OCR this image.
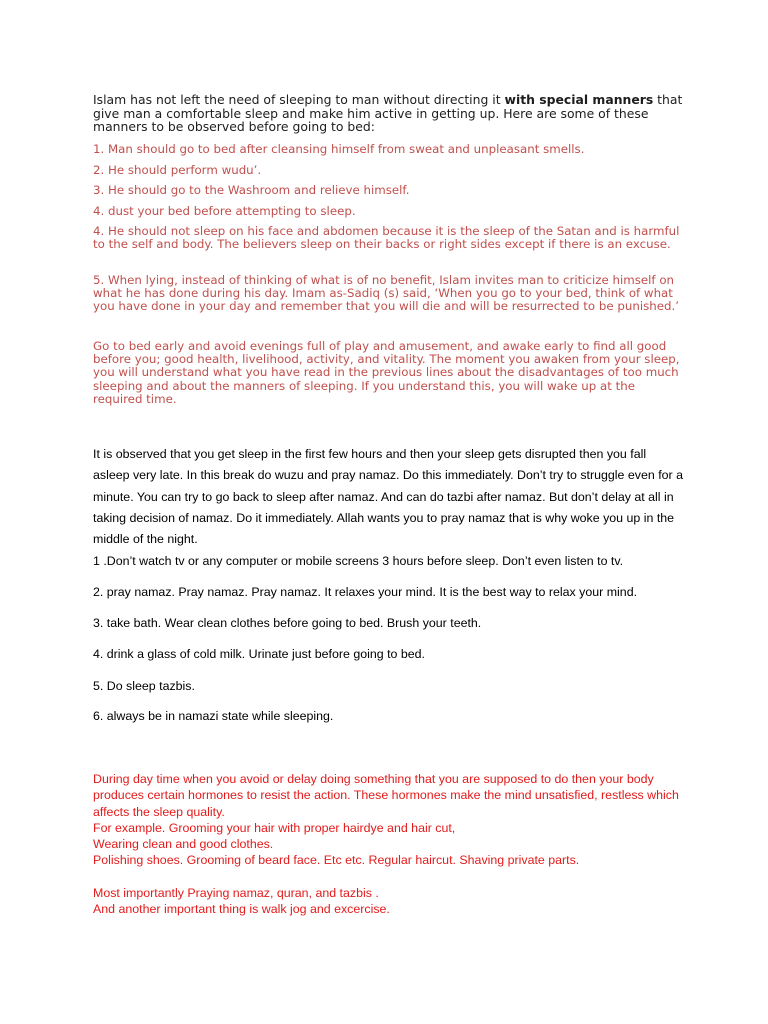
Islam has not left the need of sleeping to man without directing it with special manners that give man a comfortable sleep and make him active in getting up. Here are some of these manners to be observed before going to bed:

1. Man should go to bed after cleansing himself from sweat and unpleasant smells.

2. He should perform wudu’.

3. He should go to the Washroom and relieve himself.

4. dust your bed before attempting to sleep.

4. He should not sleep on his face and abdomen because it is the sleep of the Satan and is harmful to the self and body. The believers sleep on their backs or right sides except if there is an excuse.

5. When lying, instead of thinking of what is of no benefit, Islam invites man to criticize himself on what he has done during his day. Imam as-Sadiq (s) said, ‘When you go to your bed, think of what you have done in your day and remember that you will die and will be resurrected to be punished.’

Go to bed early and avoid evenings full of play and amusement, and awake early to find all good before you; good health, livelihood, activity, and vitality. The moment you awaken from your sleep, you will understand what you have read in the previous lines about the disadvantages of too much sleeping and about the manners of sleeping. If you understand this, you will wake up at the required time.

It is observed that you get sleep in the first few hours and then your sleep gets disrupted then you fall asleep very late. In this break do wuzu and pray namaz. Do this immediately. Don’t try to struggle even for a minute. You can try to go back to sleep after namaz. And can do tazbi after namaz. But don’t delay at all in taking decision of namaz. Do it immediately. Allah wants you to pray namaz that is why woke you up in the middle of the night.

1 .Don’t watch tv or any computer or mobile screens 3 hours before sleep. Don’t even listen to tv.

2. pray namaz. Pray namaz. Pray namaz. It relaxes your mind. It is the best way to relax your mind.

3. take bath. Wear clean clothes before going to bed. Brush your teeth.

4. drink a glass of cold milk. Urinate just before going to bed.

5. Do sleep tazbis.

6. always be in namazi state while sleeping.

During day time when you avoid or delay doing something that you are supposed to do then your body produces certain hormones to resist the action. These hormones make the mind unsatisfied, restless which affects the sleep quality.
For example. Grooming your hair with proper hairdye and hair cut,
Wearing clean and good clothes.
Polishing shoes. Grooming of beard face. Etc etc. Regular haircut. Shaving private parts.
Most importantly Praying namaz, quran, and tazbis .
And another important thing is walk jog and excercise.
